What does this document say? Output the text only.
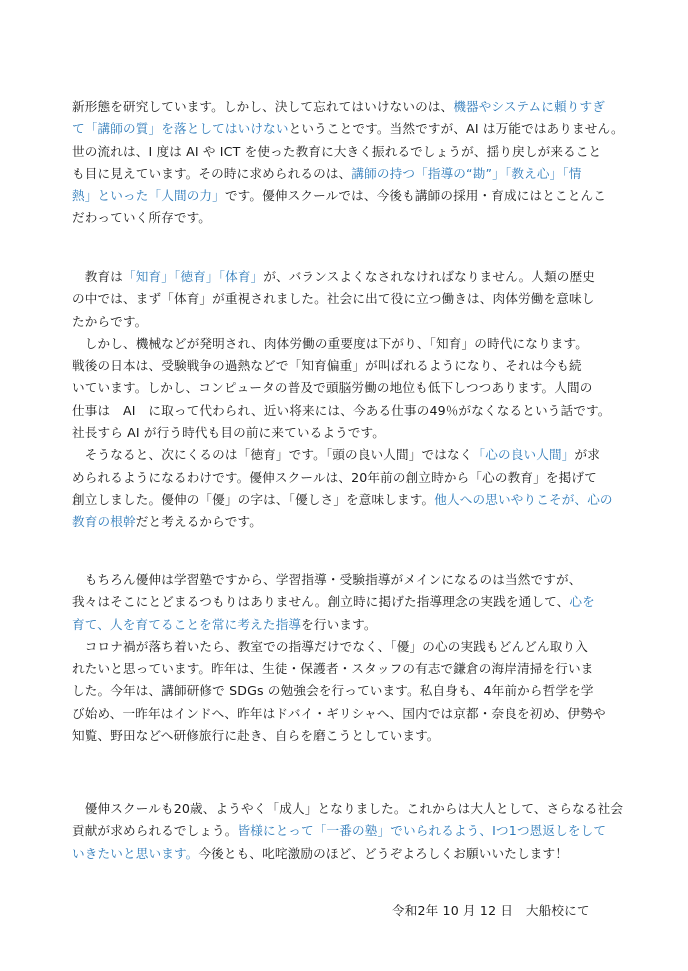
新形態を研究しています。しかし、決して忘れてはいけないのは、機器やシステムに頼りすぎ
て「講師の質」を落としてはいけないということです。当然ですが、AI は万能ではありません。
世の流れは、I 度は AI や ICT を使った教育に大きく振れるでしょうが、揺り戻しが来ること
も目に見えています。その時に求められるのは、講師の持つ「指導の“勘”」「教え心」「情
熱」といった「人間の力」です。優伸スクールでは、今後も講師の採用・育成にはとことんこ
だわっていく所存です。
　教育は「知育」「徳育」「体育」が、バランスよくなされなければなりません。人類の歴史
の中では、まず「体育」が重視されました。社会に出て役に立つ働きは、肉体労働を意味し
たからです。
　しかし、機械などが発明され、肉体労働の重要度は下がり、「知育」の時代になります。
戦後の日本は、受験戦争の過熱などで「知育偏重」が叫ばれるようになり、それは今も続
いています。しかし、コンピュータの普及で頭脳労働の地位も低下しつつあります。人間の
仕事は　AI　に取って代わられ、近い将来には、今ある仕事の49％がなくなるという話です。
社長すら AI が行う時代も目の前に来ているようです。
　そうなると、次にくるのは「徳育」です。「頭の良い人間」ではなく「心の良い人間」が求
められるようになるわけです。優伸スクールは、20年前の創立時から「心の教育」を掲げて
創立しました。優伸の「優」の字は、「優しさ」を意味します。他人への思いやりこそが、心の
教育の根幹だと考えるからです。
　もちろん優伸は学習塾ですから、学習指導・受験指導がメインになるのは当然ですが、
我々はそこにとどまるつもりはありません。創立時に掲げた指導理念の実践を通して、心を
育て、人を育てることを常に考えた指導を行います。
　コロナ禍が落ち着いたら、教室での指導だけでなく、「優」の心の実践もどんどん取り入
れたいと思っています。昨年は、生徒・保護者・スタッフの有志で鎌倉の海岸清掃を行いま
した。今年は、講師研修で SDGs の勉強会を行っています。私自身も、4年前から哲学を学
び始め、一昨年はインドへ、昨年はドバイ・ギリシャへ、国内では京都・奈良を初め、伊勢や
知覧、野田などへ研修旅行に赴き、自らを磨こうとしています。
　優伸スクールも20歳、ようやく「成人」となりました。これからは大人として、さらなる社会
貢献が求められるでしょう。皆様にとって「一番の塾」でいられるよう、Iつ1つ恩返しをして
いきたいと思います。今後とも、叱咤激励のほど、どうぞよろしくお願いいたします！
令和2年 10 月 12 日　大船校にて
